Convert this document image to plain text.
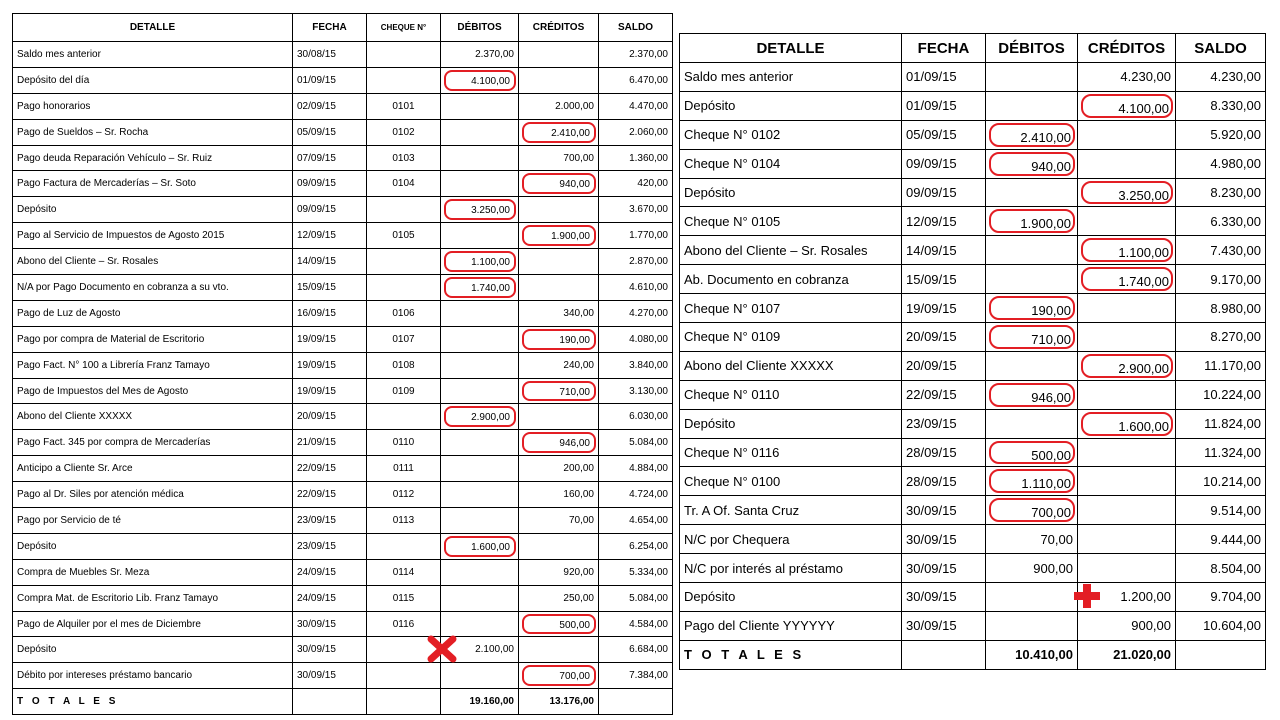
DETALLE	FECHA	CHEQUE N°	DÉBITOS	CRÉDITOS	SALDO
Saldo mes anterior	30/08/15		2.370,00		2.370,00
Depósito del día	01/09/15		4.100,00		6.470,00
Pago honorarios	02/09/15	0101		2.000,00	4.470,00
Pago de Sueldos – Sr. Rocha	05/09/15	0102		2.410,00	2.060,00
Pago deuda Reparación Vehículo – Sr. Ruiz	07/09/15	0103		700,00	1.360,00
Pago Factura de Mercaderías – Sr. Soto	09/09/15	0104		940,00	420,00
Depósito	09/09/15		3.250,00		3.670,00
Pago al Servicio de Impuestos de Agosto 2015	12/09/15	0105		1.900,00	1.770,00
Abono del Cliente – Sr. Rosales	14/09/15		1.100,00		2.870,00
N/A por Pago Documento en cobranza a su vto.	15/09/15		1.740,00		4.610,00
Pago de Luz de Agosto	16/09/15	0106		340,00	4.270,00
Pago por compra de Material de Escritorio	19/09/15	0107		190,00	4.080,00
Pago Fact. N° 100 a Librería Franz Tamayo	19/09/15	0108		240,00	3.840,00
Pago de Impuestos del Mes de Agosto	19/09/15	0109		710,00	3.130,00
Abono del Cliente XXXXX	20/09/15		2.900,00		6.030,00
Pago Fact. 345 por compra de Mercaderías	21/09/15	0110		946,00	5.084,00
Anticipo a Cliente Sr. Arce	22/09/15	0111		200,00	4.884,00
Pago al Dr. Siles por atención médica	22/09/15	0112		160,00	4.724,00
Pago por Servicio de té	23/09/15	0113		70,00	4.654,00
Depósito	23/09/15		1.600,00		6.254,00
Compra de Muebles Sr. Meza	24/09/15	0114		920,00	5.334,00
Compra Mat. de Escritorio Lib. Franz Tamayo	24/09/15	0115		250,00	5.084,00
Pago de Alquiler por el mes de Diciembre	30/09/15	0116		500,00	4.584,00
Depósito	30/09/15		2.100,00		6.684,00
Débito por intereses préstamo bancario	30/09/15			700,00	7.384,00
T O T A L E S			19.160,00	13.176,00	
DETALLE	FECHA	DÉBITOS	CRÉDITOS	SALDO
Saldo mes anterior	01/09/15		4.230,00	4.230,00
Depósito	01/09/15		4.100,00	8.330,00
Cheque N° 0102	05/09/15	2.410,00		5.920,00
Cheque N° 0104	09/09/15	940,00		4.980,00
Depósito	09/09/15		3.250,00	8.230,00
Cheque N° 0105	12/09/15	1.900,00		6.330,00
Abono del Cliente – Sr. Rosales	14/09/15		1.100,00	7.430,00
Ab. Documento en cobranza	15/09/15		1.740,00	9.170,00
Cheque N° 0107	19/09/15	190,00		8.980,00
Cheque N° 0109	20/09/15	710,00		8.270,00
Abono del Cliente XXXXX	20/09/15		2.900,00	11.170,00
Cheque N° 0110	22/09/15	946,00		10.224,00
Depósito	23/09/15		1.600,00	11.824,00
Cheque N° 0116	28/09/15	500,00		11.324,00
Cheque N° 0100	28/09/15	1.110,00		10.214,00
Tr. A Of. Santa Cruz	30/09/15	700,00		9.514,00
N/C por Chequera	30/09/15	70,00		9.444,00
N/C por interés al préstamo	30/09/15	900,00		8.504,00
Depósito	30/09/15		1.200,00	9.704,00
Pago del Cliente YYYYYY	30/09/15		900,00	10.604,00
T O T A L E S		10.410,00	21.020,00	
